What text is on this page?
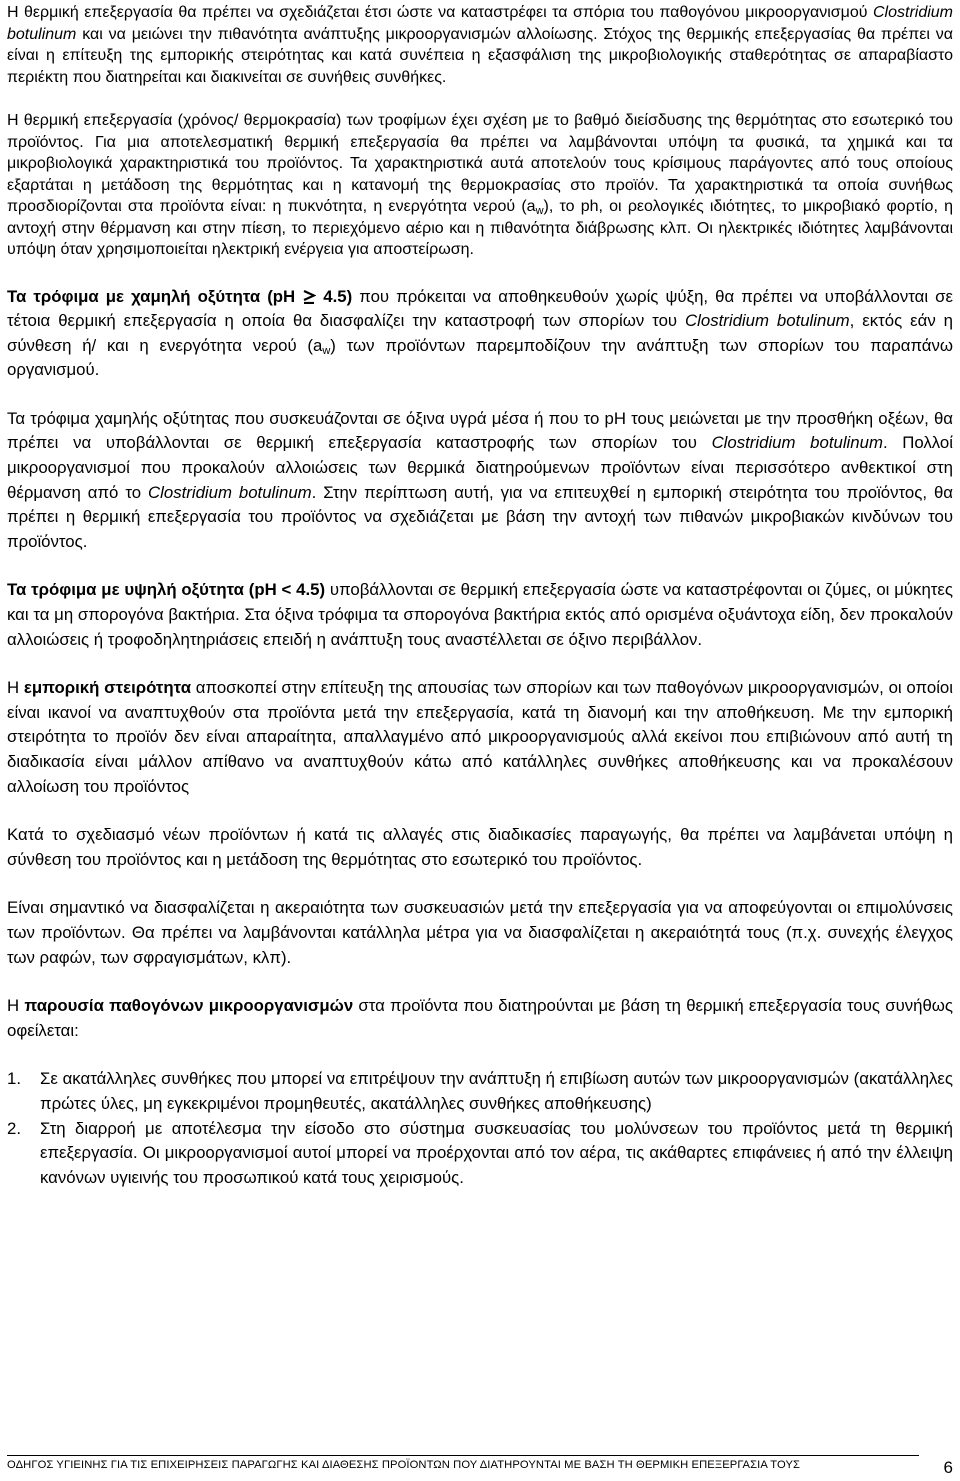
Η θερμική επεξεργασία θα πρέπει να σχεδιάζεται έτσι ώστε να καταστρέφει τα σπόρια του παθογόνου μικροοργανισμού Clostridium botulinum και να μειώνει την πιθανότητα ανάπτυξης μικροοργανισμών αλλοίωσης. Στόχος της θερμικής επεξεργασίας θα πρέπει να είναι η επίτευξη της εμπορικής στειρότητας και κατά συνέπεια η εξασφάλιση της μικροβιολογικής σταθερότητας σε απαραβίαστο περιέκτη που διατηρείται και διακινείται σε συνήθεις συνθήκες.

Η θερμική επεξεργασία (χρόνος/ θερμοκρασία) των τροφίμων έχει σχέση με το βαθμό διείσδυσης της θερμότητας στο εσωτερικό του προϊόντος. Για μια αποτελεσματική θερμική επεξεργασία θα πρέπει να λαμβάνονται υπόψη τα φυσικά, τα χημικά και τα μικροβιολογικά χαρακτηριστικά του προϊόντος. Τα χαρακτηριστικά αυτά αποτελούν τους κρίσιμους παράγοντες από τους οποίους εξαρτάται η μετάδοση της θερμότητας και η κατανομή της θερμοκρασίας στο προϊόν. Τα χαρακτηριστικά τα οποία συνήθως προσδιορίζονται στα προϊόντα είναι: η πυκνότητα, η ενεργότητα νερού $(a_w)$, το ph, οι ρεολογικές ιδιότητες, το μικροβιακό φορτίο, η αντοχή στην θέρμανση και στην πίεση, το περιεχόμενο αέριο και η πιθανότητα διάβρωσης κλπ. Οι ηλεκτρικές ιδιότητες λαμβάνονται υπόψη όταν χρησιμοποιείται ηλεκτρική ενέργεια για αποστείρωση.

Τα τρόφιμα με χαμηλή οξύτητα (pH  4.5) που πρόκειται να αποθηκευθούν χωρίς ψύξη, θα πρέπει να υποβάλλονται σε τέτοια θερμική επεξεργασία η οποία θα διασφαλίζει την καταστροφή των σπορίων του Clostridium botulinum, εκτός εάν η σύνθεση ή/ και η ενεργότητα νερού $(a_w)$ των προϊόντων παρεμποδίζουν την ανάπτυξη των σπορίων του παραπάνω οργανισμού.

Τα τρόφιμα χαμηλής οξύτητας που συσκευάζονται σε όξινα υγρά μέσα ή που το pH τους μειώνεται με την προσθήκη οξέων, θα πρέπει να υποβάλλονται σε θερμική επεξεργασία καταστροφής των σπορίων του Clostridium botulinum. Πολλοί μικροοργανισμοί που προκαλούν αλλοιώσεις των θερμικά διατηρούμενων προϊόντων είναι περισσότερο ανθεκτικοί στη θέρμανση από το Clostridium botulinum. Στην περίπτωση αυτή, για να επιτευχθεί η εμπορική στειρότητα του προϊόντος, θα πρέπει η θερμική επεξεργασία του προϊόντος να σχεδιάζεται με βάση την αντοχή των πιθανών μικροβιακών κινδύνων του προϊόντος.

Τα τρόφιμα με υψηλή οξύτητα (pH < 4.5) υποβάλλονται σε θερμική επεξεργασία ώστε να καταστρέφονται οι ζύμες, οι μύκητες και τα μη σπορογόνα βακτήρια. Στα όξινα τρόφιμα τα σπορογόνα βακτήρια εκτός από ορισμένα οξυάντοχα είδη, δεν προκαλούν αλλοιώσεις ή τροφοδηλητηριάσεις επειδή η ανάπτυξη τους αναστέλλεται σε όξινο περιβάλλον.

Η εμπορική στειρότητα αποσκοπεί στην επίτευξη της απουσίας των σπορίων και των παθογόνων μικροοργανισμών, οι οποίοι είναι ικανοί να αναπτυχθούν στα προϊόντα μετά την επεξεργασία, κατά τη διανομή και την αποθήκευση. Με την εμπορική στειρότητα το προϊόν δεν είναι απαραίτητα, απαλλαγμένο από μικροοργανισμούς αλλά εκείνοι που επιβιώνουν από αυτή τη διαδικασία είναι μάλλον απίθανο να αναπτυχθούν κάτω από κατάλληλες συνθήκες αποθήκευσης και να προκαλέσουν αλλοίωση του προϊόντος

Κατά το σχεδιασμό νέων προϊόντων ή κατά τις αλλαγές στις διαδικασίες παραγωγής, θα πρέπει να λαμβάνεται υπόψη η σύνθεση του προϊόντος και η μετάδοση της θερμότητας στο εσωτερικό του προϊόντος.

Είναι σημαντικό να διασφαλίζεται η ακεραιότητα των συσκευασιών μετά την επεξεργασία για να αποφεύγονται οι επιμολύνσεις των προϊόντων. Θα πρέπει να λαμβάνονται κατάλληλα μέτρα για να διασφαλίζεται η ακεραιότητά τους (π.χ. συνεχής έλεγχος των ραφών, των σφραγισμάτων, κλπ).

Η παρουσία παθογόνων μικροοργανισμών στα προϊόντα που διατηρούνται με βάση τη θερμική επεξεργασία τους συνήθως οφείλεται:

1. Σε ακατάλληλες συνθήκες που μπορεί να επιτρέψουν την ανάπτυξη ή επιβίωση αυτών των μικροοργανισμών (ακατάλληλες πρώτες ύλες, μη εγκεκριμένοι προμηθευτές, ακατάλληλες συνθήκες αποθήκευσης)
2. Στη διαρροή με αποτέλεσμα την είσοδο στο σύστημα συσκευασίας του μολύνσεων του προϊόντος μετά τη θερμική επεξεργασία. Οι μικροοργανισμοί αυτοί μπορεί να προέρχονται από τον αέρα, τις ακάθαρτες επιφάνειες ή από την έλλειψη κανόνων υγιεινής του προσωπικού κατά τους χειρισμούς.
ΟΔΗΓΟΣ ΥΓΙΕΙΝΗΣ ΓΙΑ ΤΙΣ ΕΠΙΧΕΙΡΗΣΕΙΣ ΠΑΡΑΓΩΓΗΣ ΚΑΙ ΔΙΑΘΕΣΗΣ ΠΡΟΪΟΝΤΩΝ ΠΟΥ ΔΙΑΤΗΡΟΥΝΤΑΙ ΜΕ ΒΑΣΗ ΤΗ ΘΕΡΜΙΚΗ ΕΠΕΞΕΡΓΑΣΙΑ ΤΟΥΣ	6
